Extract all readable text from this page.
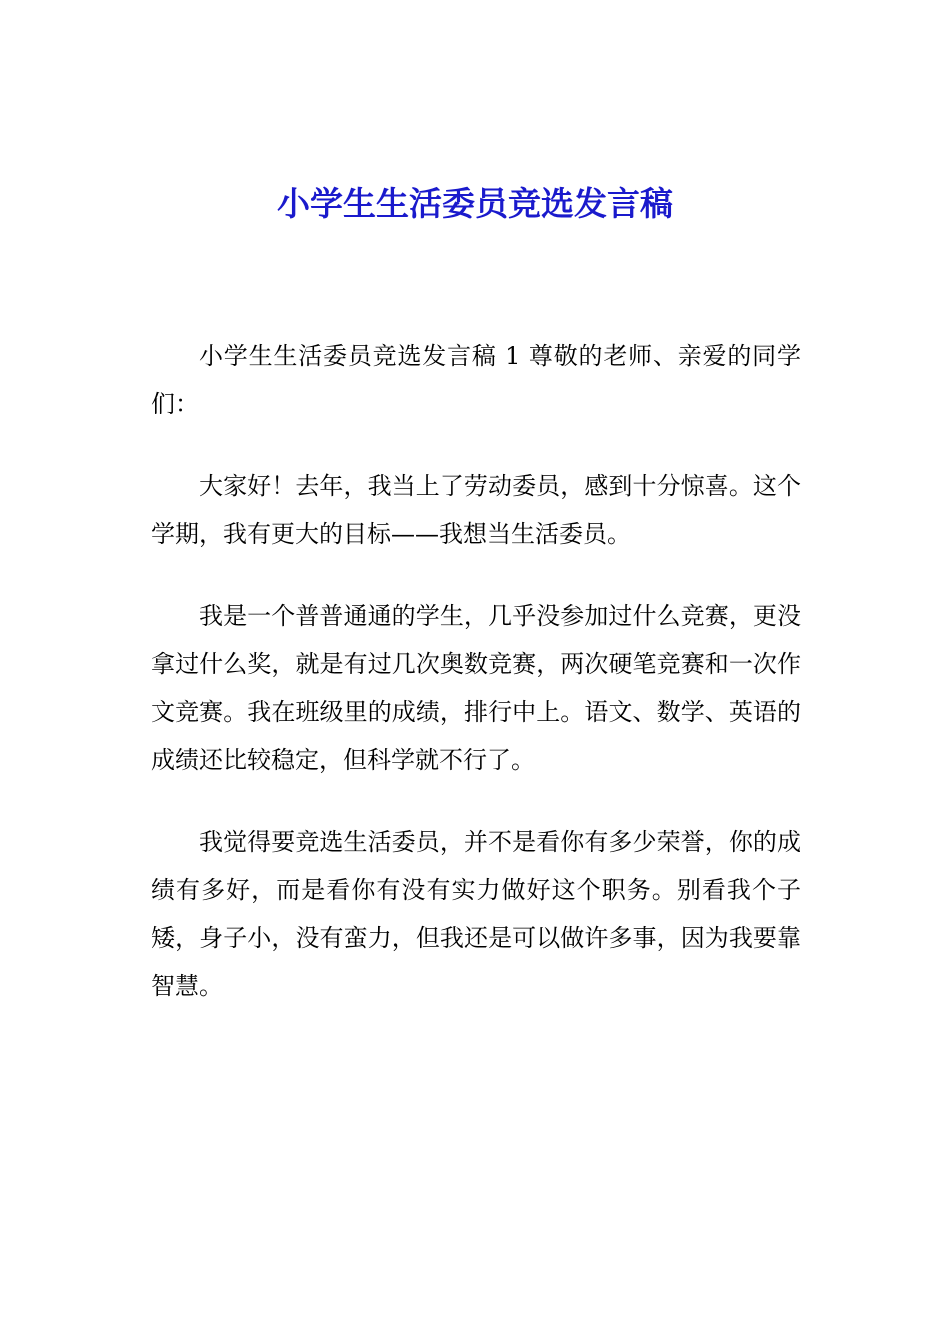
小学生生活委员竞选发言稿

小学生生活委员竞选发言稿 1 尊敬的老师、亲爱的同学们：

大家好！去年，我当上了劳动委员，感到十分惊喜。这个学期，我有更大的目标——我想当生活委员。

我是一个普普通通的学生，几乎没参加过什么竞赛，更没拿过什么奖，就是有过几次奥数竞赛，两次硬笔竞赛和一次作文竞赛。我在班级里的成绩，排行中上。语文、数学、英语的成绩还比较稳定，但科学就不行了。

我觉得要竞选生活委员，并不是看你有多少荣誉，你的成绩有多好，而是看你有没有实力做好这个职务。别看我个子矮，身子小，没有蛮力，但我还是可以做许多事，因为我要靠智慧。
